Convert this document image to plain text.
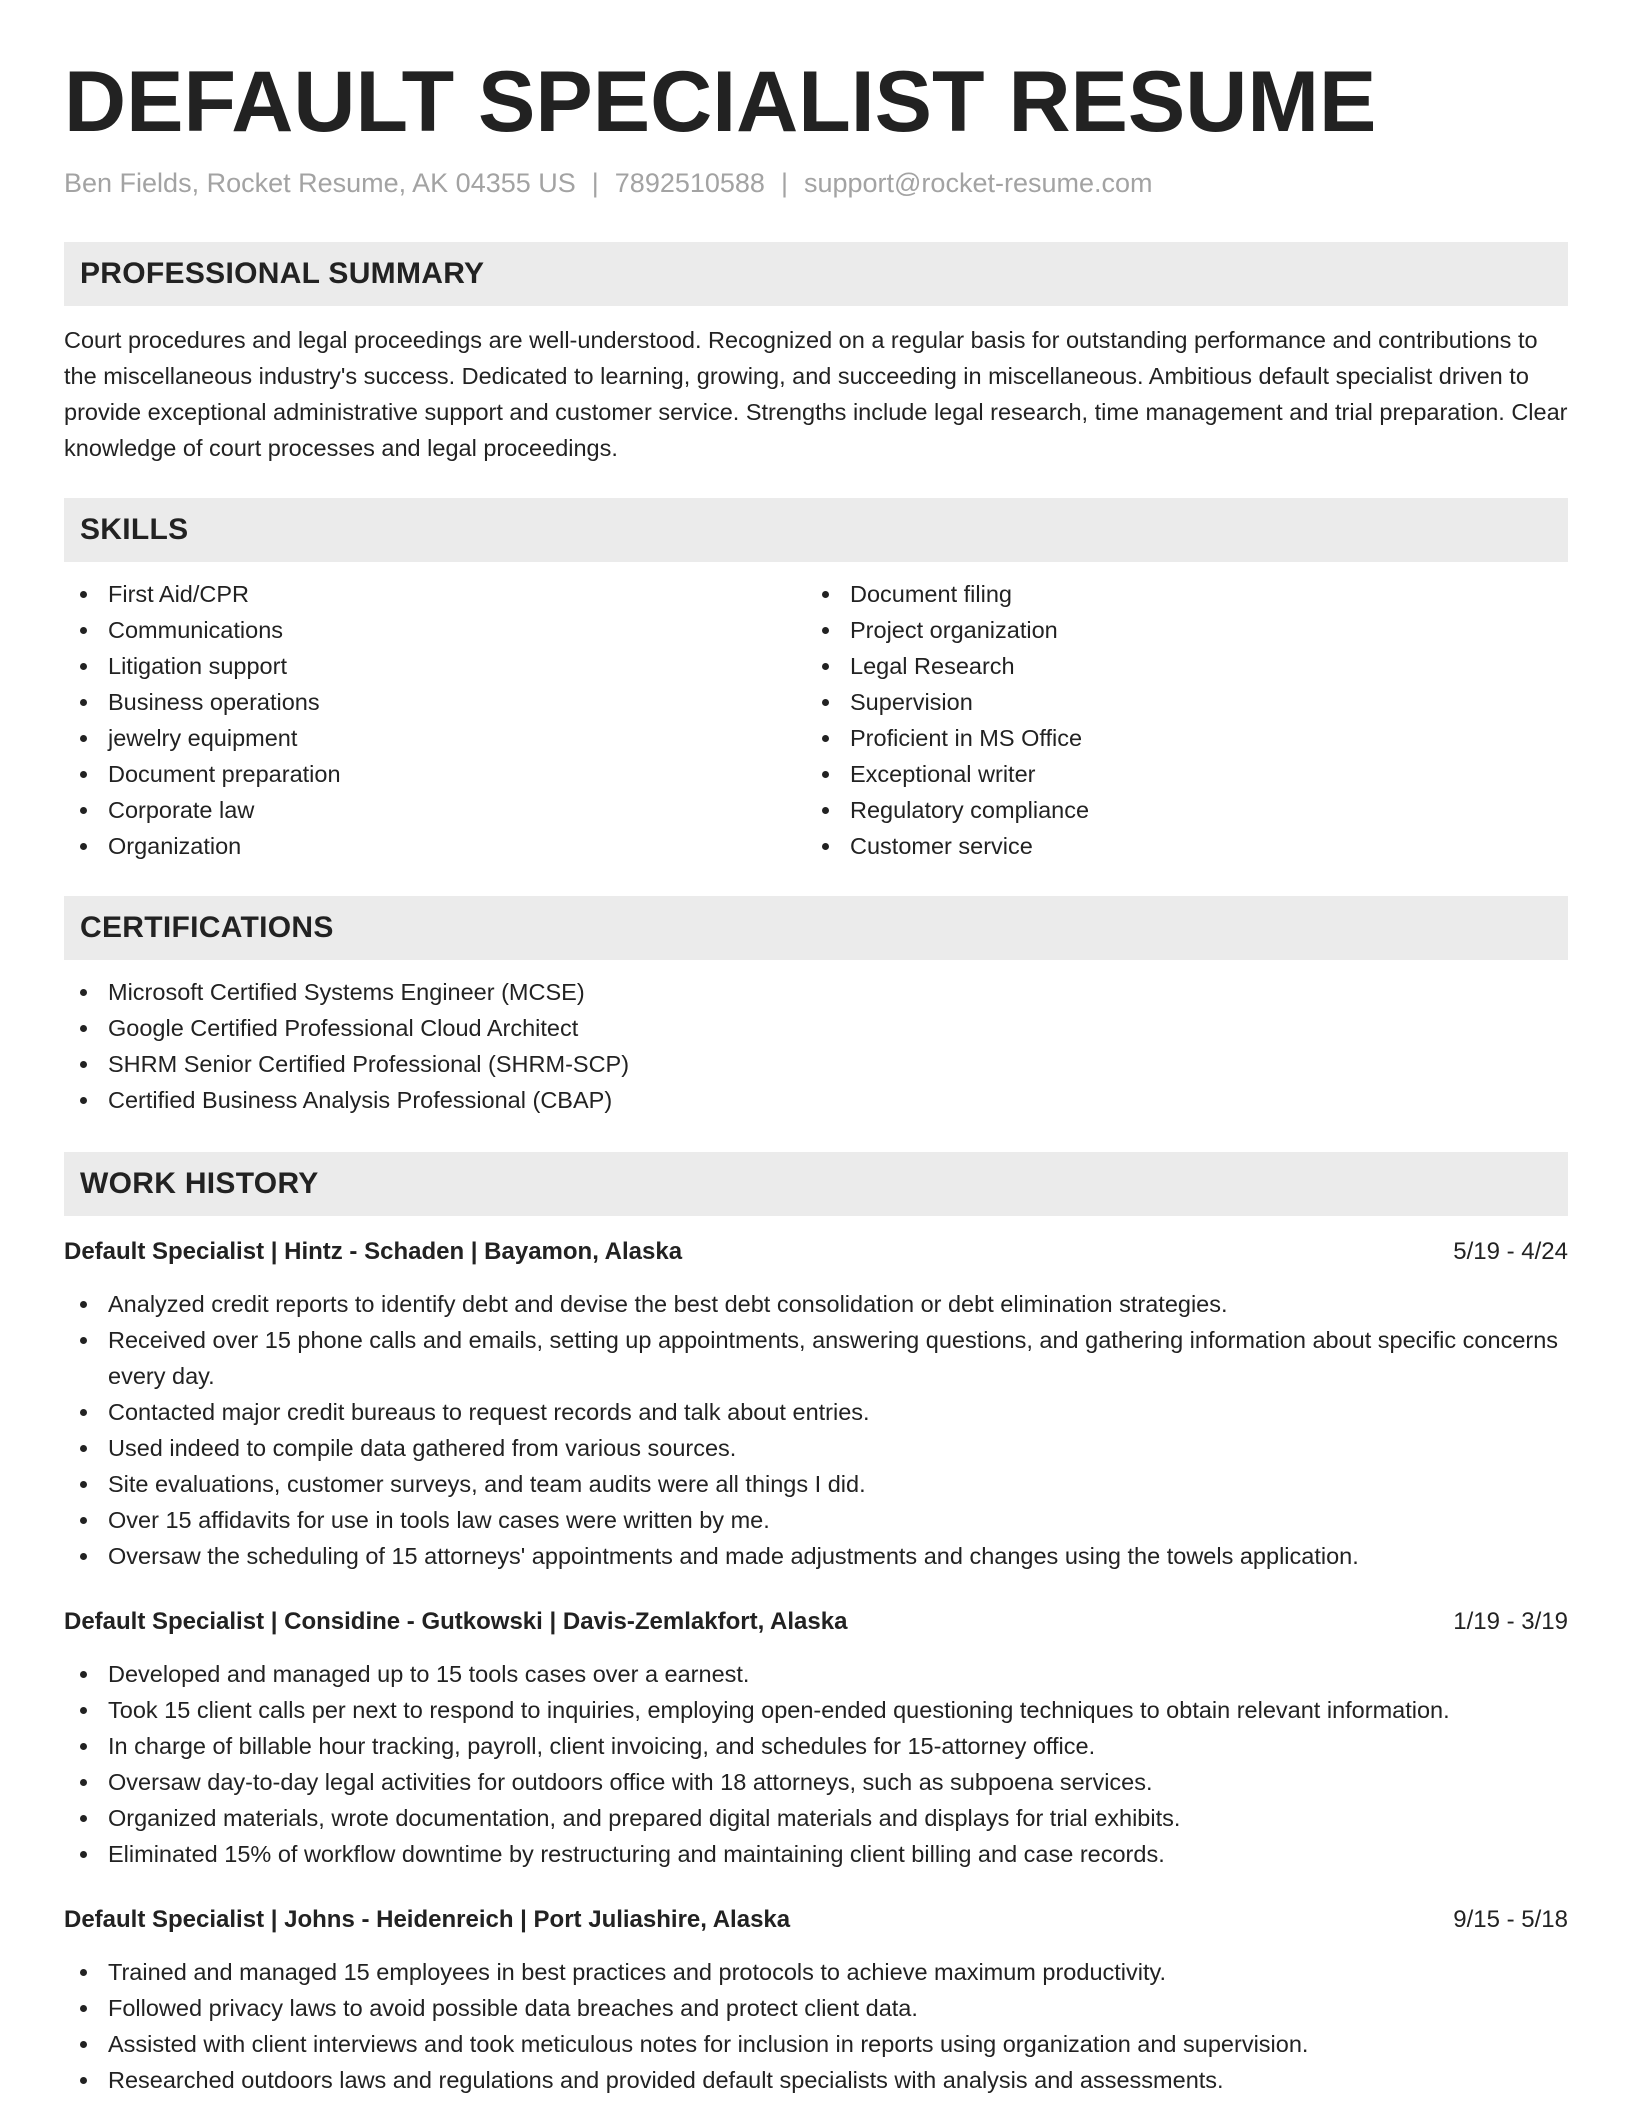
DEFAULT SPECIALIST RESUME
Ben Fields, Rocket Resume, AK 04355 US | 7892510588 | support@rocket-resume.com
PROFESSIONAL SUMMARY

Court procedures and legal proceedings are well-understood. Recognized on a regular basis for outstanding performance and contributions to the miscellaneous industry's success. Dedicated to learning, growing, and succeeding in miscellaneous. Ambitious default specialist driven to provide exceptional administrative support and customer service. Strengths include legal research, time management and trial preparation. Clear knowledge of court processes and legal proceedings.

SKILLS
First Aid/CPR
Communications
Litigation support
Business operations
jewelry equipment
Document preparation
Corporate law
Organization
Document filing
Project organization
Legal Research
Supervision
Proficient in MS Office
Exceptional writer
Regulatory compliance
Customer service
CERTIFICATIONS
Microsoft Certified Systems Engineer (MCSE)
Google Certified Professional Cloud Architect
SHRM Senior Certified Professional (SHRM-SCP)
Certified Business Analysis Professional (CBAP)
WORK HISTORY
Default Specialist | Hintz - Schaden | Bayamon, Alaska	5/19 - 4/24
Analyzed credit reports to identify debt and devise the best debt consolidation or debt elimination strategies.
Received over 15 phone calls and emails, setting up appointments, answering questions, and gathering information about specific concerns every day.
Contacted major credit bureaus to request records and talk about entries.
Used indeed to compile data gathered from various sources.
Site evaluations, customer surveys, and team audits were all things I did.
Over 15 affidavits for use in tools law cases were written by me.
Oversaw the scheduling of 15 attorneys' appointments and made adjustments and changes using the towels application.
Default Specialist | Considine - Gutkowski | Davis-Zemlakfort, Alaska	1/19 - 3/19
Developed and managed up to 15 tools cases over a earnest.
Took 15 client calls per next to respond to inquiries, employing open-ended questioning techniques to obtain relevant information.
In charge of billable hour tracking, payroll, client invoicing, and schedules for 15-attorney office.
Oversaw day-to-day legal activities for outdoors office with 18 attorneys, such as subpoena services.
Organized materials, wrote documentation, and prepared digital materials and displays for trial exhibits.
Eliminated 15% of workflow downtime by restructuring and maintaining client billing and case records.
Default Specialist | Johns - Heidenreich | Port Juliashire, Alaska	9/15 - 5/18
Trained and managed 15 employees in best practices and protocols to achieve maximum productivity.
Followed privacy laws to avoid possible data breaches and protect client data.
Assisted with client interviews and took meticulous notes for inclusion in reports using organization and supervision.
Researched outdoors laws and regulations and provided default specialists with analysis and assessments.
